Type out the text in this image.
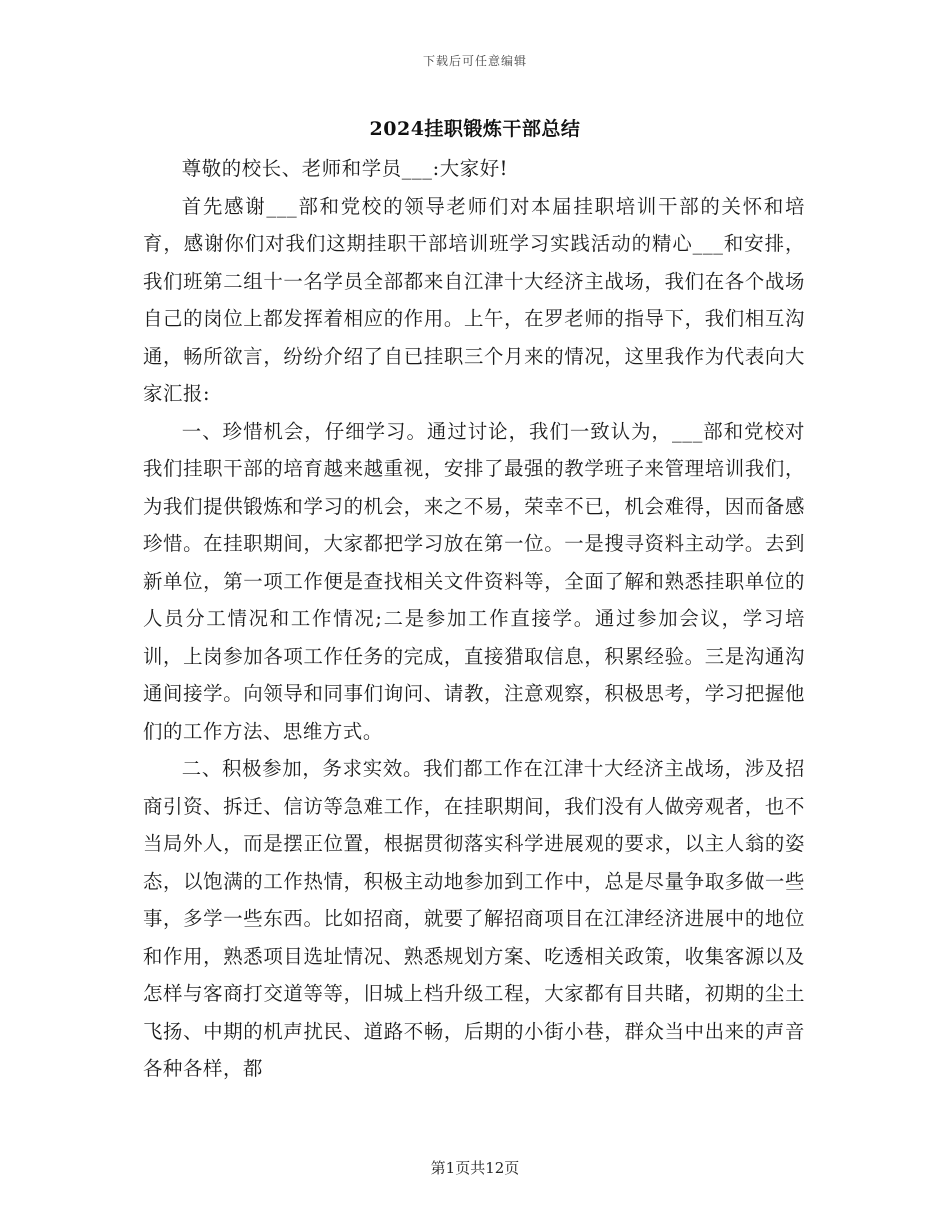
下载后可任意编辑
2024挂职锻炼干部总结

尊敬的校长、老师和学员___:大家好!

首先感谢___部和党校的领导老师们对本届挂职培训干部的关怀和培育，感谢你们对我们这期挂职干部培训班学习实践活动的精心___和安排，我们班第二组十一名学员全部都来自江津十大经济主战场，我们在各个战场自己的岗位上都发挥着相应的作用。上午，在罗老师的指导下，我们相互沟通，畅所欲言，纷纷介绍了自已挂职三个月来的情况，这里我作为代表向大家汇报:

一、珍惜机会，仔细学习。通过讨论，我们一致认为，___部和党校对我们挂职干部的培育越来越重视，安排了最强的教学班子来管理培训我们，为我们提供锻炼和学习的机会，来之不易，荣幸不已，机会难得，因而备感珍惜。在挂职期间，大家都把学习放在第一位。一是搜寻资料主动学。去到新单位，第一项工作便是查找相关文件资料等，全面了解和熟悉挂职单位的人员分工情况和工作情况;二是参加工作直接学。通过参加会议，学习培训，上岗参加各项工作任务的完成，直接猎取信息，积累经验。三是沟通沟通间接学。向领导和同事们询问、请教，注意观察，积极思考，学习把握他们的工作方法、思维方式。

二、积极参加，务求实效。我们都工作在江津十大经济主战场，涉及招商引资、拆迁、信访等急难工作，在挂职期间，我们没有人做旁观者，也不当局外人，而是摆正位置，根据贯彻落实科学进展观的要求，以主人翁的姿态，以饱满的工作热情，积极主动地参加到工作中，总是尽量争取多做一些事，多学一些东西。比如招商，就要了解招商项目在江津经济进展中的地位和作用，熟悉项目选址情况、熟悉规划方案、吃透相关政策，收集客源以及怎样与客商打交道等等，旧城上档升级工程，大家都有目共睹，初期的尘土飞扬、中期的机声扰民、道路不畅，后期的小街小巷，群众当中出来的声音各种各样，都

第1页共12页
